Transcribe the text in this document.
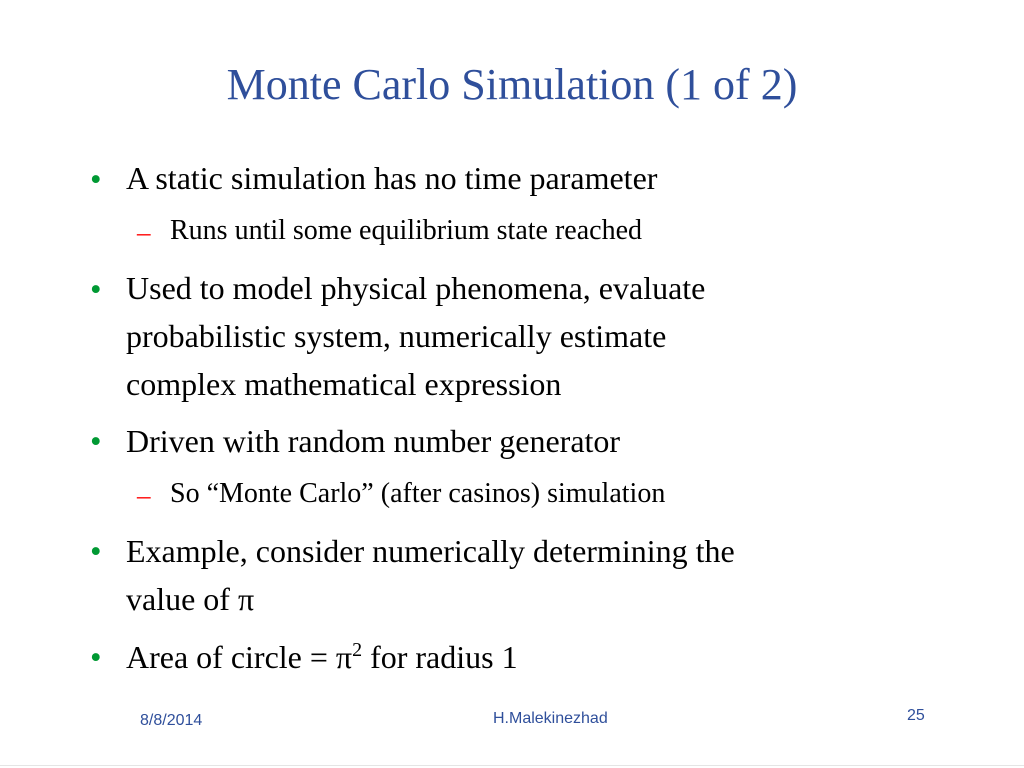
Monte Carlo Simulation (1 of 2)
• A static simulation has no time parameter
– Runs until some equilibrium state reached
• Used to model physical phenomena, evaluate
probabilistic system, numerically estimate
complex mathematical expression
• Driven with random number generator
– So “Monte Carlo” (after casinos) simulation
• Example, consider numerically determining the
value of π
• Area of circle = $\pi^2$ for radius 1
8/8/2014	H.Malekinezhad	25
